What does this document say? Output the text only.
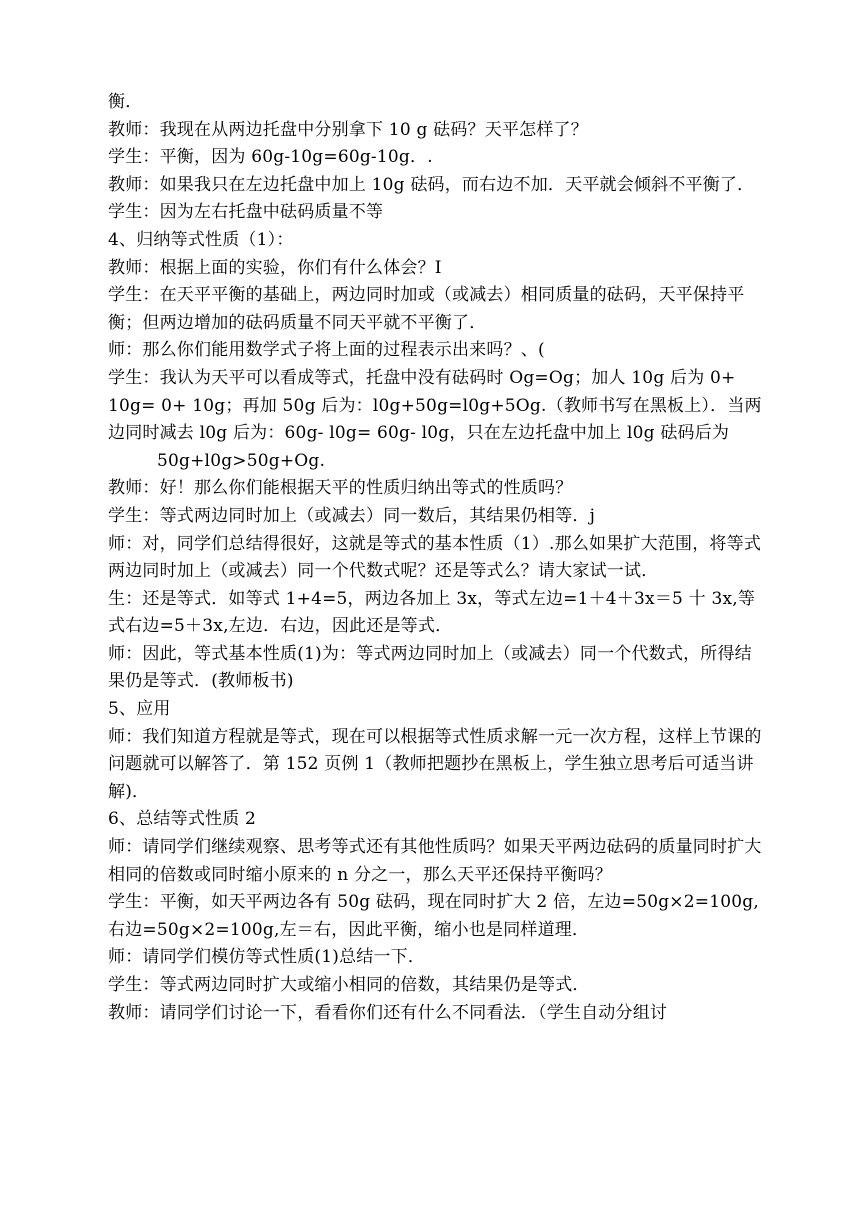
衡．

教师：我现在从两边托盘中分别拿下 10 g 砝码？天平怎样了？

学生：平衡，因为 60g-10g=60g-10g．.

教师：如果我只在左边托盘中加上 10g 砝码，而右边不加．天平就会倾斜不平衡了．

学生：因为左右托盘中砝码质量不等

4、归纳等式性质（1）：

教师：根据上面的实验，你们有什么体会？I

学生：在天平平衡的基础上，两边同时加或（或减去）相同质量的砝码，天平保持平衡；但两边增加的砝码质量不同天平就不平衡了．

师：那么你们能用数学式子将上面的过程表示出来吗？、(

学生：我认为天平可以看成等式，托盘中没有砝码时 Og=Og；加人 10g 后为 0+

10g= 0+ 10g；再加 50g 后为：l0g+50g=l0g+5Og.（教师书写在黑板上）．当两边同时减去 l0g 后为：60g- l0g= 60g- l0g，只在左边托盘中加上 l0g 砝码后为

50g+l0g>50g+Og.

教师：好！那么你们能根据天平的性质归纳出等式的性质吗？

学生：等式两边同时加上（或减去）同一数后，其结果仍相等．j

师：对，同学们总结得很好，这就是等式的基本性质（1）.那么如果扩大范围，将等式两边同时加上（或减去）同一个代数式呢？还是等式么？请大家试一试．

生：还是等式．如等式 1+4=5，两边各加上 3x，等式左边=1＋4＋3x＝5 十 3x,等式右边=5＋3x,左边．右边，因此还是等式．

师：因此，等式基本性质(1)为：等式两边同时加上（或减去）同一个代数式，所得结果仍是等式．(教师板书)

5、应用

师：我们知道方程就是等式，现在可以根据等式性质求解一元一次方程，这样上节课的问题就可以解答了．第 152 页例 1（教师把题抄在黑板上，学生独立思考后可适当讲解)．

6、总结等式性质 2

师：请同学们继续观察、思考等式还有其他性质吗？如果天平两边砝码的质量同时扩大相同的倍数或同时缩小原来的 n 分之一，那么天平还保持平衡吗？

学生：平衡，如天平两边各有 50g 砝码，现在同时扩大 2 倍，左边=50g×2=100g,右边=50g×2=100g,左＝右，因此平衡，缩小也是同样道理．

师：请同学们模仿等式性质(1)总结一下．

学生：等式两边同时扩大或缩小相同的倍数，其结果仍是等式．

教师：请同学们讨论一下，看看你们还有什么不同看法．（学生自动分组讨
